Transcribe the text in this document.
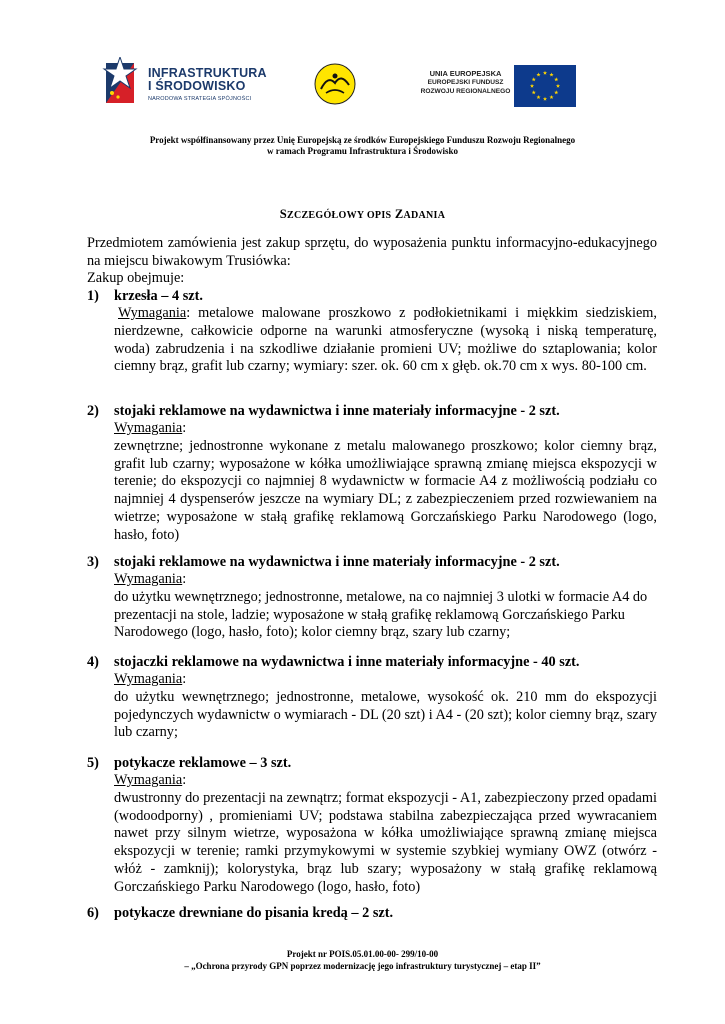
INFRASTRUKTURA
I ŚRODOWISKO
NARODOWA STRATEGIA SPÓJNOŚCI
UNIA EUROPEJSKA
EUROPEJSKI FUNDUSZ
ROZWOJU REGIONALNEGO
Projekt współfinansowany przez Unię Europejską ze środków Europejskiego Funduszu Rozwoju Regionalnego
w ramach Programu Infrastruktura i Środowisko
SZCZEGÓŁOWY OPIS ZADANIA
Przedmiotem zamówienia jest zakup sprzętu, do wyposażenia punktu informacyjno-edukacyjnego na miejscu biwakowym Trusiówka:
Zakup obejmuje:
1) krzesła – 4 szt.
Wymagania: metalowe malowane proszkowo z podłokietnikami i miękkim siedziskiem, nierdzewne, całkowicie odporne na warunki atmosferyczne (wysoką i niską temperaturę, woda) zabrudzenia i na szkodliwe działanie promieni UV; możliwe do sztaplowania; kolor ciemny brąz, grafit lub czarny; wymiary: szer. ok. 60 cm x głęb. ok.70 cm x wys. 80-100 cm.
2) stojaki reklamowe na wydawnictwa i inne materiały informacyjne - 2 szt.
Wymagania:
zewnętrzne; jednostronne wykonane z metalu malowanego proszkowo; kolor ciemny brąz, grafit lub czarny; wyposażone w kółka umożliwiające sprawną zmianę miejsca ekspozycji w terenie; do ekspozycji co najmniej 8 wydawnictw w formacie A4 z możliwością podziału co najmniej 4 dyspenserów jeszcze na wymiary DL; z zabezpieczeniem przed rozwiewaniem na wietrze; wyposażone w stałą grafikę reklamową Gorczańskiego Parku Narodowego (logo, hasło, foto)
3) stojaki reklamowe na wydawnictwa i inne materiały informacyjne - 2 szt.
Wymagania:
do użytku wewnętrznego; jednostronne, metalowe, na co najmniej 3 ulotki w formacie A4 do prezentacji na stole, ladzie; wyposażone w stałą grafikę reklamową Gorczańskiego Parku Narodowego (logo, hasło, foto); kolor ciemny brąz, szary lub czarny;
4) stojaczki reklamowe na wydawnictwa i inne materiały informacyjne - 40 szt.
Wymagania:
do użytku wewnętrznego; jednostronne, metalowe, wysokość ok. 210 mm do ekspozycji pojedynczych wydawnictw o wymiarach - DL (20 szt) i A4 - (20 szt); kolor ciemny brąz, szary lub czarny;
5) potykacze reklamowe – 3 szt.
Wymagania:
dwustronny do prezentacji na zewnątrz; format ekspozycji - A1, zabezpieczony przed opadami (wodoodporny) , promieniami UV; podstawa stabilna zabezpieczająca przed wywracaniem nawet przy silnym wietrze, wyposażona w kółka umożliwiające sprawną zmianę miejsca ekspozycji w terenie; ramki przymykowymi w systemie szybkiej wymiany OWZ (otwórz - włóż - zamknij); kolorystyka, brąz lub szary; wyposażony w stałą grafikę reklamową Gorczańskiego Parku Narodowego (logo, hasło, foto)
6) potykacze drewniane do pisania kredą – 2 szt.
Projekt nr POIS.05.01.00-00- 299/10-00
– „Ochrona przyrody GPN poprzez modernizację jego infrastruktury turystycznej – etap II”
